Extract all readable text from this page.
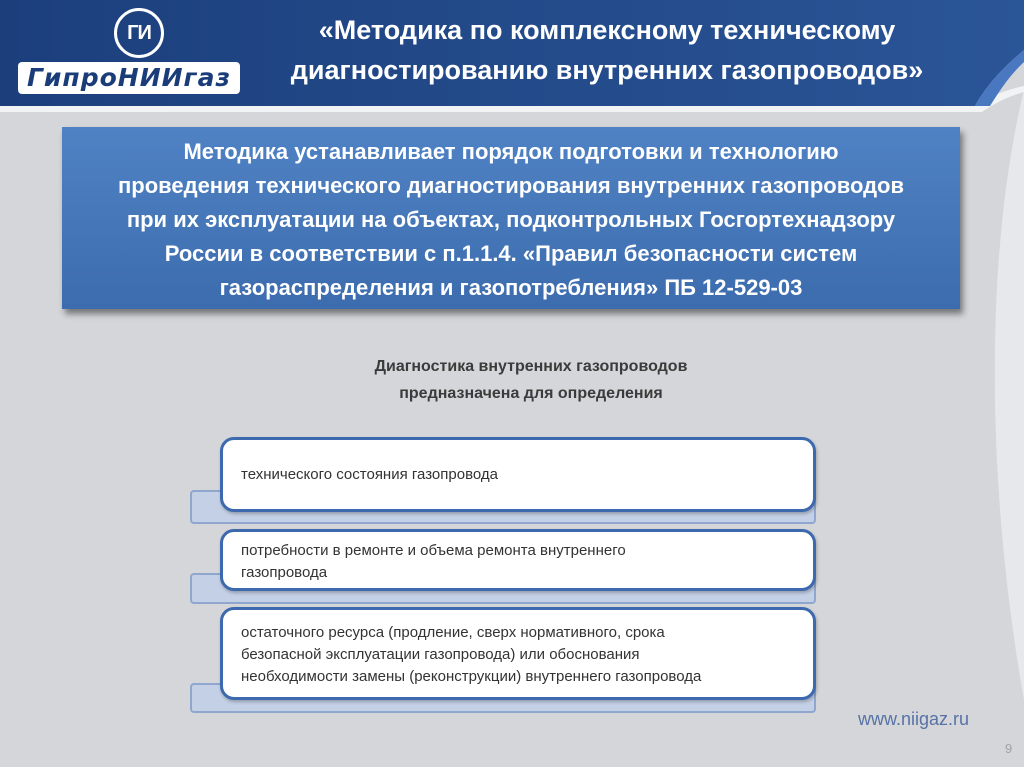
ГИ
ГипроНИИгаз
«Методика по комплексному техническому
диагностированию внутренних газопроводов»

Методика устанавливает порядок подготовки и технологию
проведения технического диагностирования внутренних газопроводов
при их эксплуатации на объектах, подконтрольных Госгортехнадзору
России в соответствии с п.1.1.4. «Правил безопасности систем
газораспределения и газопотребления» ПБ 12-529-03

Диагностика внутренних газопроводов
предназначена для определения

технического состояния газопровода

потребности в ремонте и объема ремонта внутреннего
газопровода

остаточного ресурса (продление, сверх нормативного, срока
безопасной эксплуатации газопровода) или обоснования
необходимости замены (реконструкции) внутреннего газопровода

www.niigaz.ru
9
